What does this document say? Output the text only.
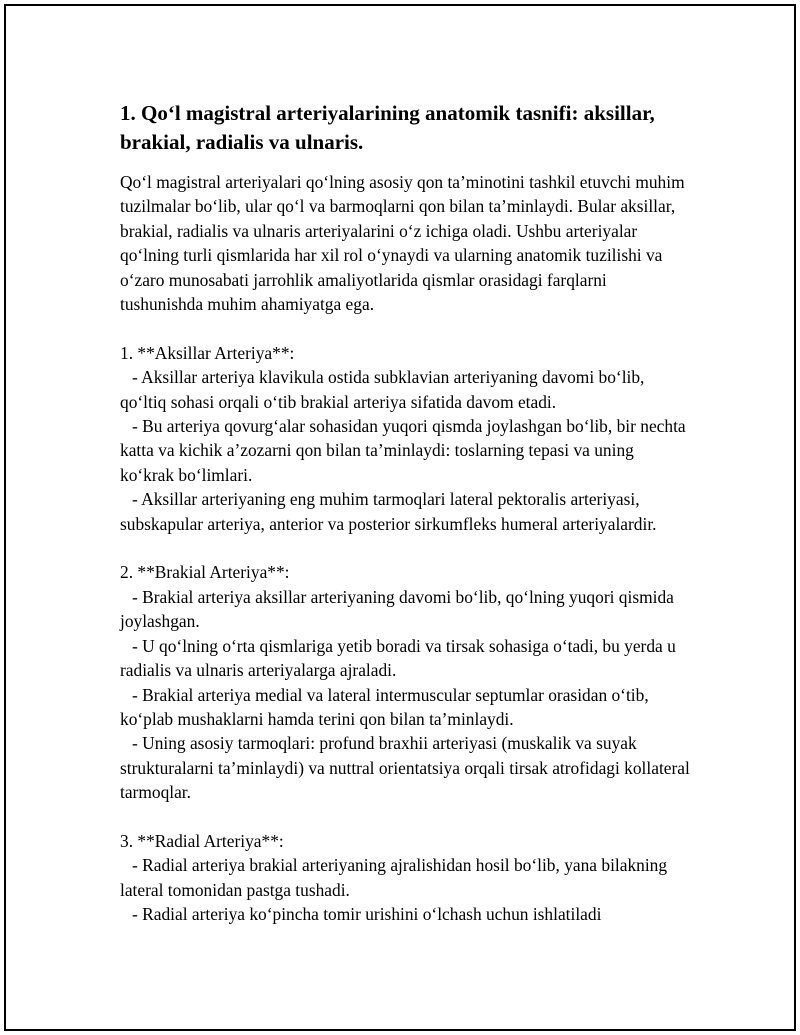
1. Qo‘l magistral arteriyalarining anatomik tasnifi: aksillar, brakial, radialis va ulnaris.

Qo‘l magistral arteriyalari qo‘lning asosiy qon ta’minotini tashkil etuvchi muhim tuzilmalar bo‘lib, ular qo‘l va barmoqlarni qon bilan ta’minlaydi. Bular aksillar, brakial, radialis va ulnaris arteriyalarini o‘z ichiga oladi. Ushbu arteriyalar qo‘lning turli qismlarida har xil rol o‘ynaydi va ularning anatomik tuzilishi va o‘zaro munosabati jarrohlik amaliyotlarida qismlar orasidagi farqlarni tushunishda muhim ahamiyatga ega.

1. **Aksillar Arteriya**:

- Aksillar arteriya klavikula ostida subklavian arteriyaning davomi bo‘lib, qo‘ltiq sohasi orqali o‘tib brakial arteriya sifatida davom etadi.

- Bu arteriya qovurg‘alar sohasidan yuqori qismda joylashgan bo‘lib, bir nechta katta va kichik a’zozarni qon bilan ta’minlaydi: toslarning tepasi va uning ko‘krak bo‘limlari.

- Aksillar arteriyaning eng muhim tarmoqlari lateral pektoralis arteriyasi, subskapular arteriya, anterior va posterior sirkumfleks humeral arteriyalardir.

2. **Brakial Arteriya**:

- Brakial arteriya aksillar arteriyaning davomi bo‘lib, qo‘lning yuqori qismida joylashgan.

- U qo‘lning o‘rta qismlariga yetib boradi va tirsak sohasiga o‘tadi, bu yerda u radialis va ulnaris arteriyalarga ajraladi.

- Brakial arteriya medial va lateral intermuscular septumlar orasidan o‘tib, ko‘plab mushaklarni hamda terini qon bilan ta’minlaydi.

- Uning asosiy tarmoqlari: profund braxhii arteriyasi (muskalik va suyak strukturalarni ta’minlaydi) va nuttral orientatsiya orqali tirsak atrofidagi kollateral tarmoqlar.

3. **Radial Arteriya**:

- Radial arteriya brakial arteriyaning ajralishidan hosil bo‘lib, yana bilakning lateral tomonidan pastga tushadi.

- Radial arteriya ko‘pincha tomir urishini o‘lchash uchun ishlatiladi
